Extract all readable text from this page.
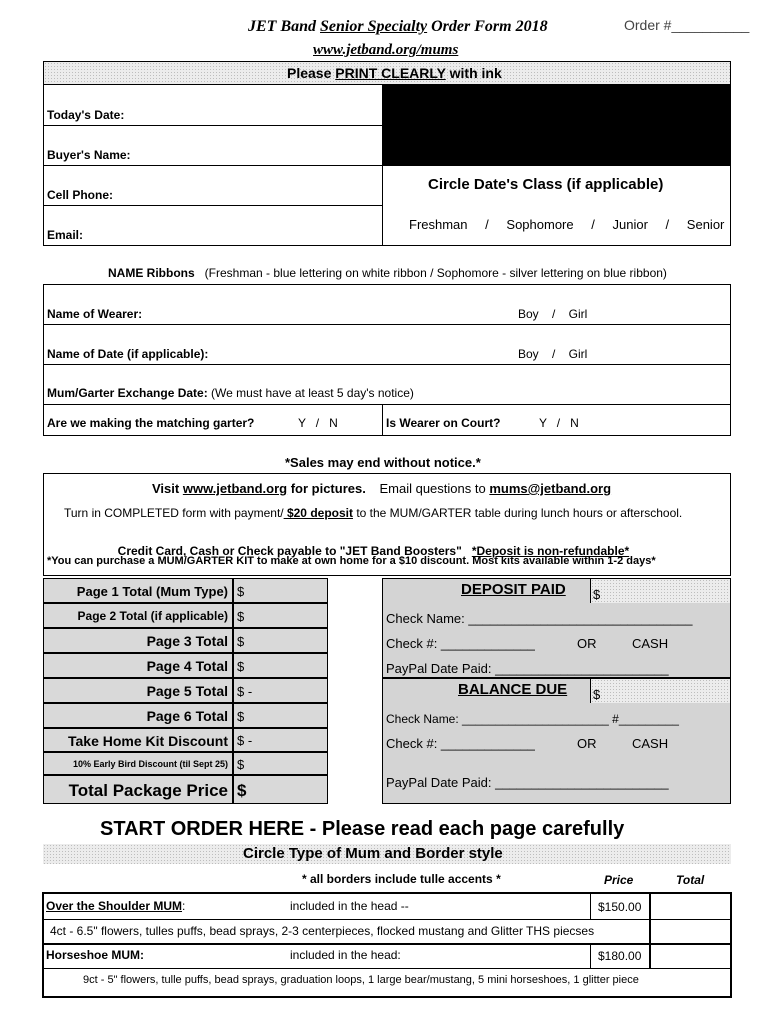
JET Band Senior Specialty Order Form 2018
www.jetband.org/mums
Order #__________
Please PRINT CLEARLY with ink
Today's Date:
Buyer's Name:
Cell Phone:
Email:
Circle Date's Class (if applicable)
Freshman / Sophomore / Junior / Senior
NAME Ribbons (Freshman - blue lettering on white ribbon / Sophomore - silver lettering on blue ribbon)
Name of Wearer:	Boy    /    Girl
Name of Date (if applicable):	Boy    /    Girl
Mum/Garter Exchange Date: (We must have at least 5 day's notice)
Are we making the matching garter?	Y   /   N	Is Wearer on Court?	Y   /   N
*Sales may end without notice.*
Visit www.jetband.org for pictures. Email questions to mums@jetband.org
Turn in COMPLETED form with payment/ $20 deposit to the MUM/GARTER table during lunch hours or afterschool.

Credit Card, Cash or Check payable to "JET Band Boosters"   *Deposit is non-refundable*

*You can purchase a MUM/GARTER KIT to make at own home for a $10 discount. Most kits available within 1-2 days*
Page 1 Total (Mum Type) $
Page 2 Total (if applicable) $
Page 3 Total $
Page 4 Total $
Page 5 Total $ -
Page 6 Total $
Take Home Kit Discount $ -
10% Early Bird Discount (til Sept 25) $
Total Package Price $
DEPOSIT PAID $
Check Name: _______________________________
Check #: _____________	OR	CASH
PayPal Date Paid: ________________________
BALANCE DUE $
Check Name: ______________________ #_________
Check #: _____________	OR	CASH
PayPal Date Paid: ________________________
START ORDER HERE - Please read each page carefully
Circle Type of Mum and Border style
* all borders include tulle accents *	Price	Total
Over the Shoulder MUM:	included in the head --	$150.00
4ct - 6.5" flowers, tulles puffs, bead sprays, 2-3 centerpieces, flocked mustang and Glitter THS piecses
Horseshoe MUM:	included in the head:	$180.00
9ct - 5" flowers, tulle puffs, bead sprays, graduation loops, 1 large bear/mustang, 5 mini horseshoes, 1 glitter piece
